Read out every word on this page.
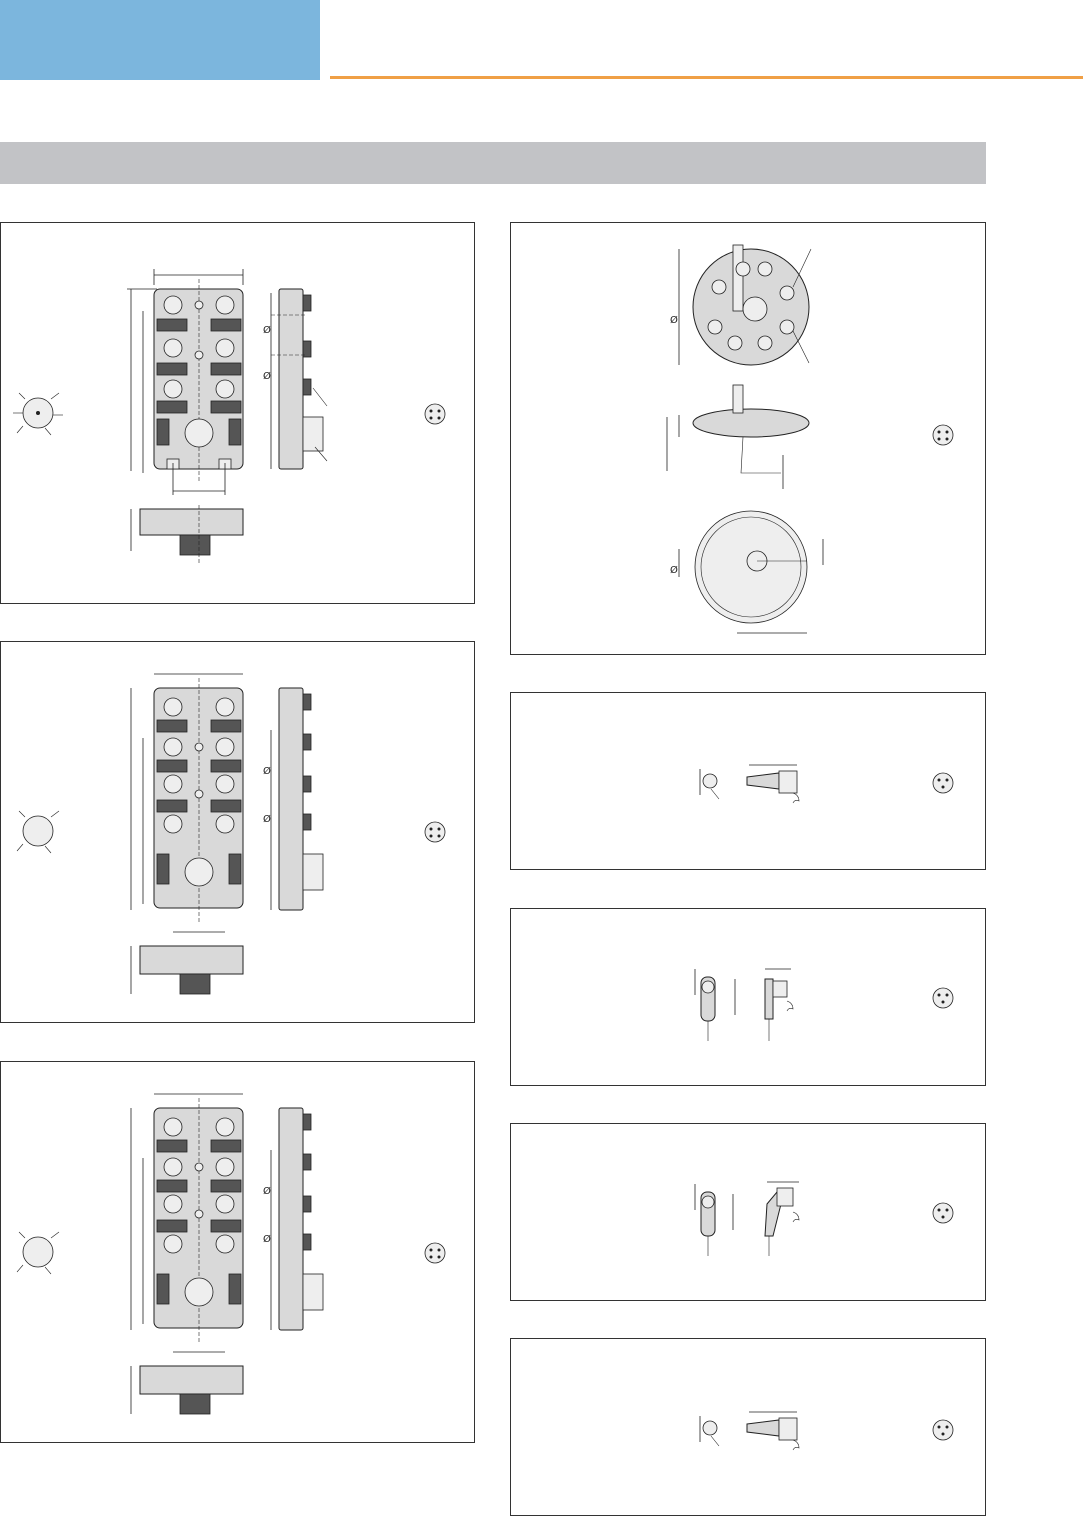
Ø
Ø
Ø
Ø
Ø
Ø
Ø
Ø
